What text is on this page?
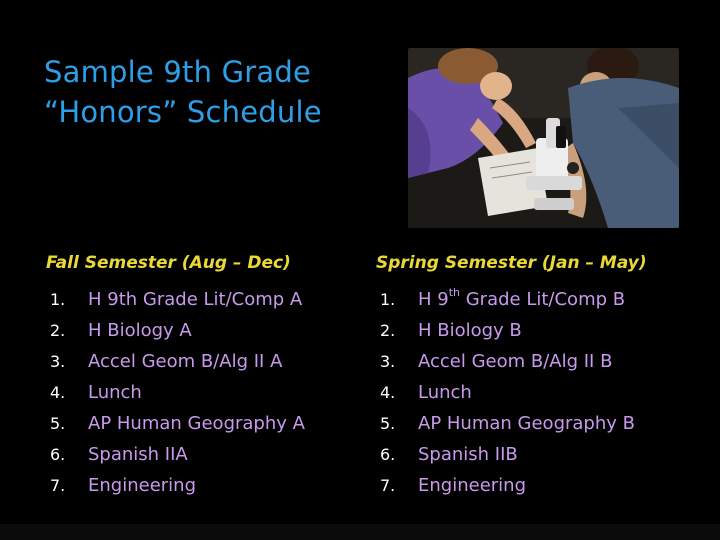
Sample 9th Grade
“Honors” Schedule
Fall Semester (Aug – Dec)	Spring Semester (Jan – May)
1. H 9th Grade Lit/Comp A
2. H Biology A
3. Accel Geom B/Alg II A
4. Lunch
5. AP Human Geography A
6. Spanish IIA
7. Engineering
1. H 9th Grade Lit/Comp B
2. H Biology B
3. Accel Geom B/Alg II B
4. Lunch
5. AP Human Geography B
6. Spanish IIB
7. Engineering
